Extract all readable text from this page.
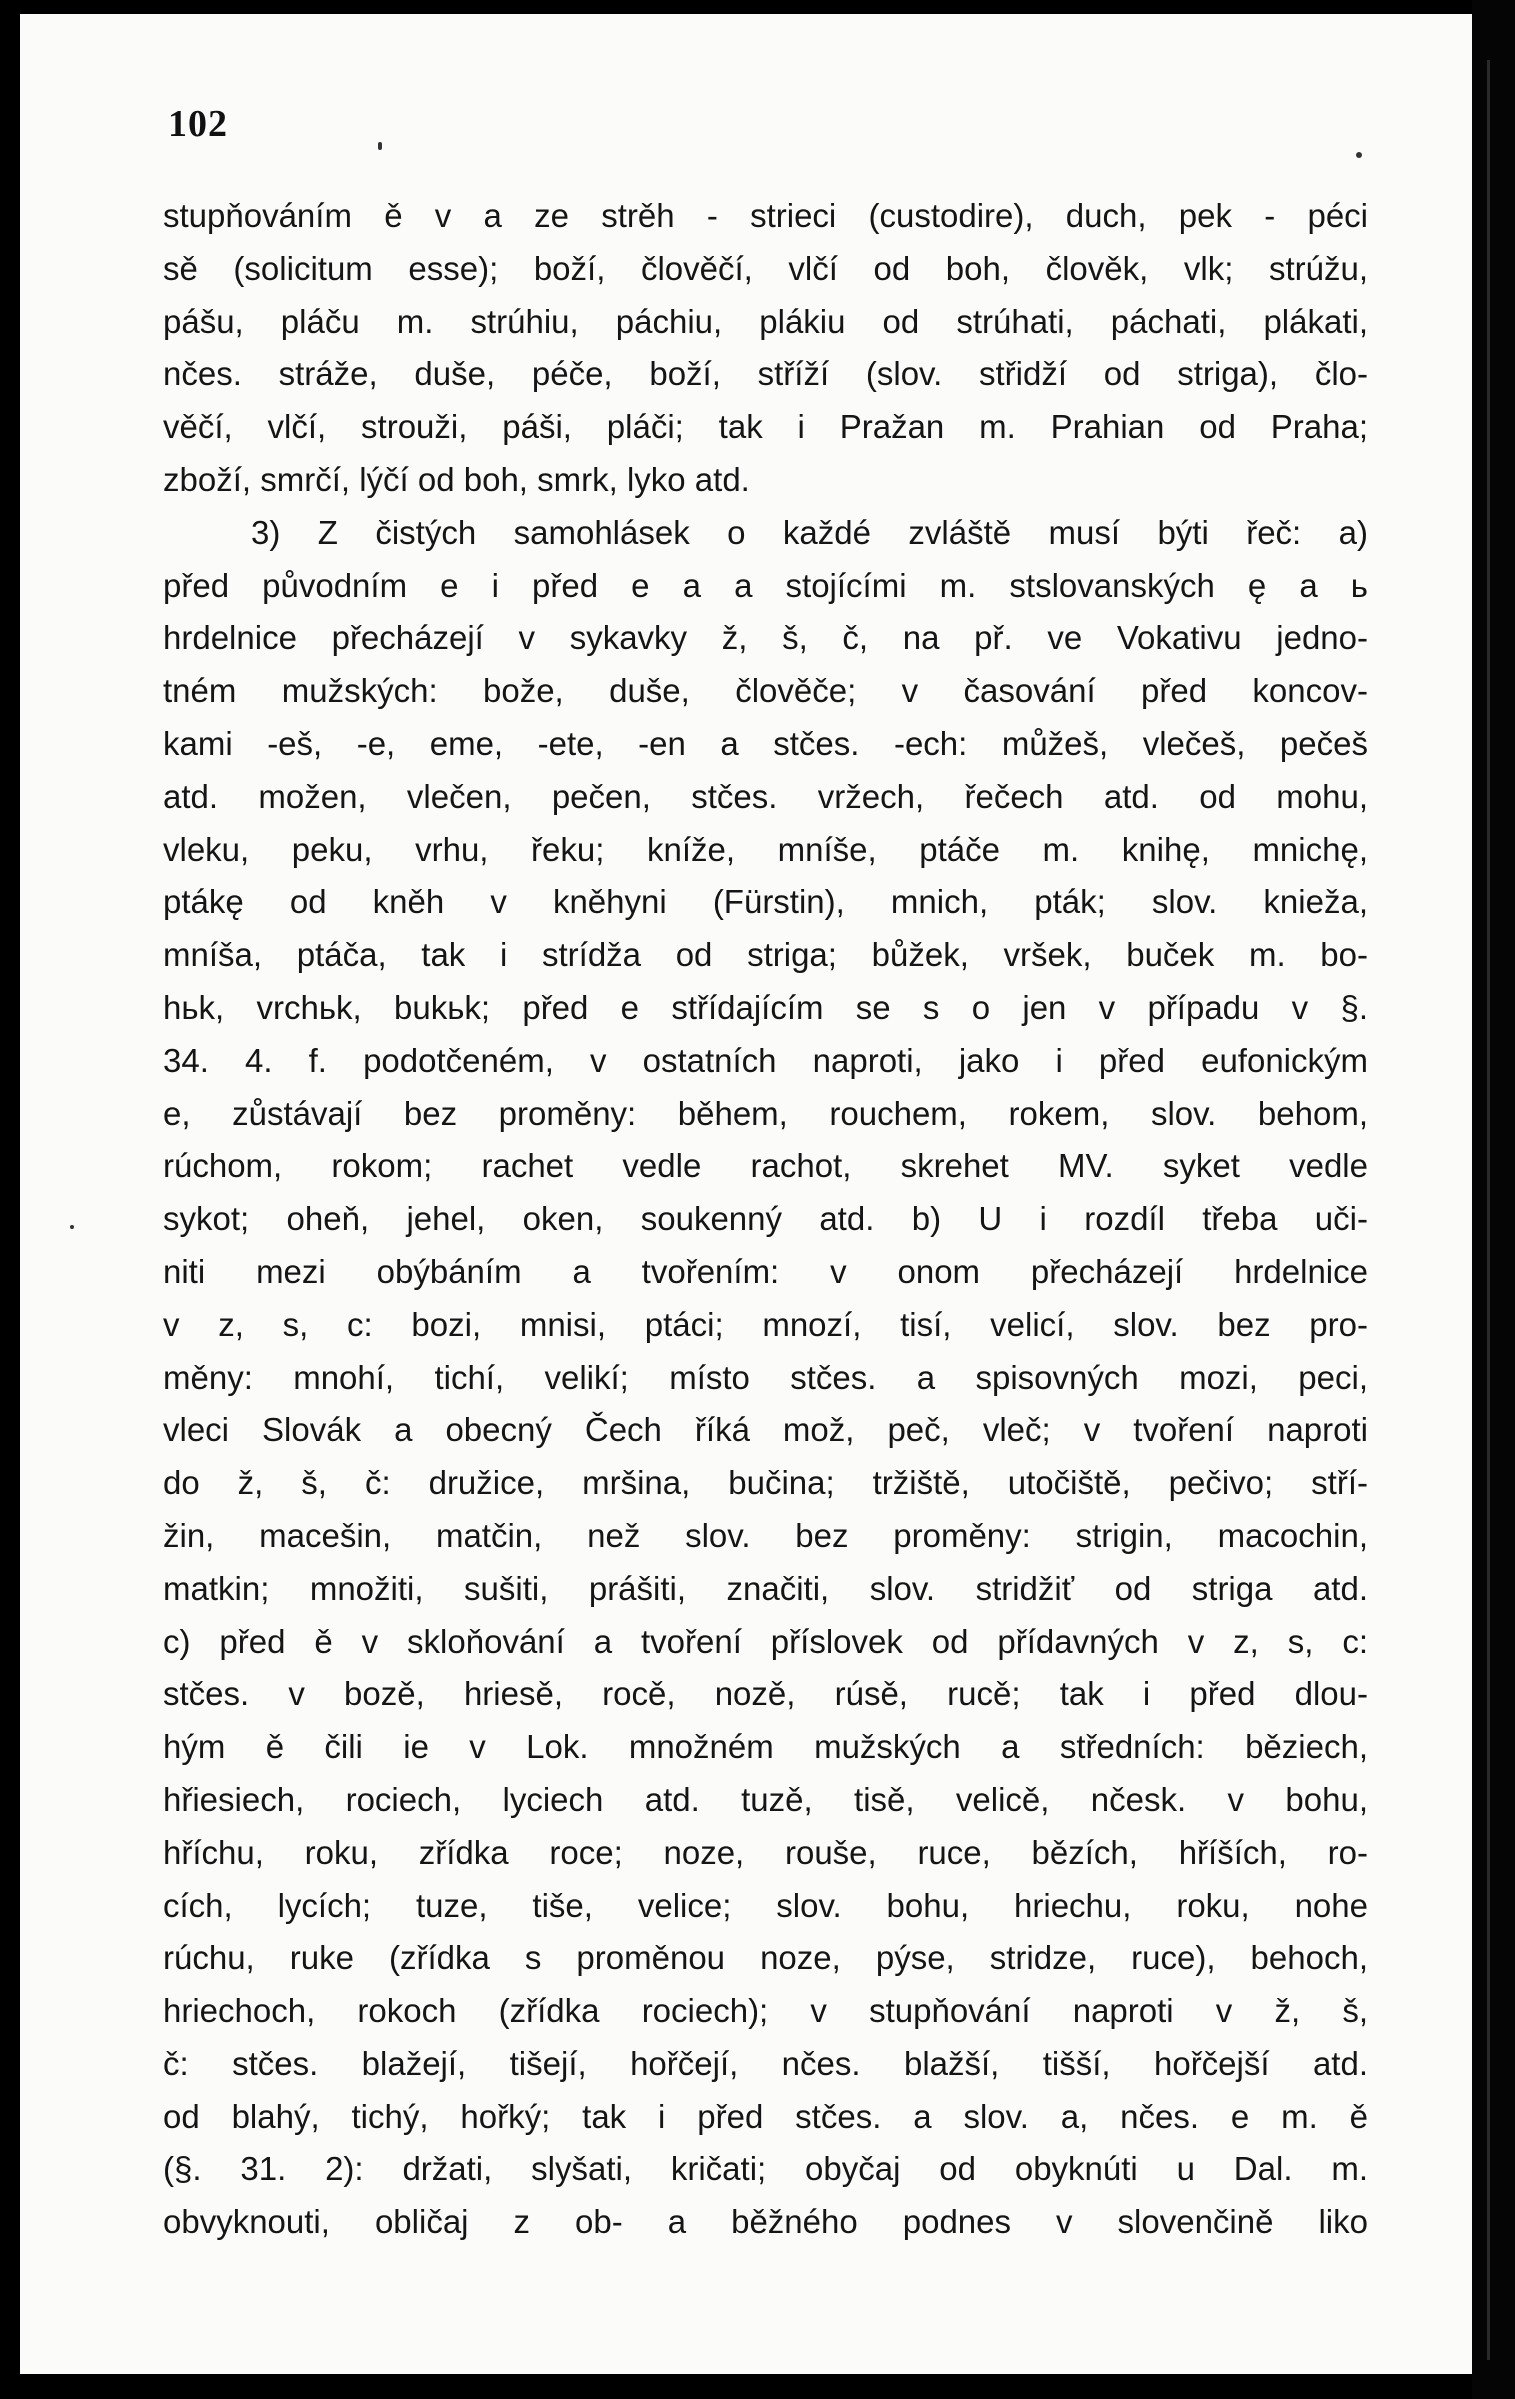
102
stupňováním ě v a ze strěh - strieci (custodire), duch, pek - péci
sě (solicitum esse); boží, člověčí, vlčí od boh, člověk, vlk; strúžu,
pášu, pláču m. strúhiu, páchiu, plákiu od strúhati, páchati, plákati,
nčes. stráže, duše, péče, boží, stříží (slov. střidží od striga), člo-
věčí, vlčí, strouži, páši, pláči; tak i Pražan m. Prahian od Praha;
zboží, smrčí, lýčí od boh, smrk, lyko atd.
3) Z čistých samohlásek o každé zvláště musí býti řeč: a)
před původním e i před e a a stojícími m. stslovanských ę a ь
hrdelnice přecházejí v sykavky ž, š, č, na př. ve Vokativu jedno-
tném mužských: bože, duše, člověče; v časování před koncov-
kami -eš, -e, eme, -ete, -en a stčes. -ech: můžeš, vlečeš, pečeš
atd. možen, vlečen, pečen, stčes. vržech, řečech atd. od mohu,
vleku, peku, vrhu, řeku; kníže, mníše, ptáče m. knihę, mnichę,
ptákę od kněh v kněhyni (Fürstin), mnich, pták; slov. knieža,
mníša, ptáča, tak i strídža od striga; bůžek, vršek, buček m. bo-
hьk, vrchьk, bukьk; před e střídajícím se s o jen v případu v §.
34. 4. f. podotčeném, v ostatních naproti, jako i před eufonickým
e, zůstávají bez proměny: během, rouchem, rokem, slov. behom,
rúchom, rokom; rachet vedle rachot, skrehet MV. syket vedle
sykot; oheň, jehel, oken, soukenný atd. b) U i rozdíl třeba uči-
niti mezi obýbáním a tvořením: v onom přecházejí hrdelnice
v z, s, c: bozi, mnisi, ptáci; mnozí, tisí, velicí, slov. bez pro-
měny: mnohí, tichí, velikí; místo stčes. a spisovných mozi, peci,
vleci Slovák a obecný Čech říká mož, peč, vleč; v tvoření naproti
do ž, š, č: družice, mršina, bučina; tržiště, utočiště, pečivo; stří-
žin, macešin, matčin, než slov. bez proměny: strigin, macochin,
matkin; množiti, sušiti, prášiti, značiti, slov. stridžiť od striga atd.
c) před ě v skloňování a tvoření příslovek od přídavných v z, s, c:
stčes. v bozě, hriesě, rocě, nozě, rúsě, rucě; tak i před dlou-
hým ě čili ie v Lok. množném mužských a středních: běziech,
hřiesiech, rociech, lyciech atd. tuzě, tisě, velicě, nčesk. v bohu,
hříchu, roku, zřídka roce; noze, rouše, ruce, bězích, hříších, ro-
cích, lycích; tuze, tiše, velice; slov. bohu, hriechu, roku, nohe
rúchu, ruke (zřídka s proměnou noze, pýse, stridze, ruce), behoch,
hriechoch, rokoch (zřídka rociech); v stupňování naproti v ž, š,
č: stčes. blažejí, tišejí, hořčejí, nčes. blažší, tišší, hořčejší atd.
od blahý, tichý, hořký; tak i před stčes. a slov. a, nčes. e m. ě
(§. 31. 2): držati, slyšati, kričati; obyčaj od obyknúti u Dal. m.
obvyknouti, obličaj z ob- a běžného podnes v slovenčině liko
